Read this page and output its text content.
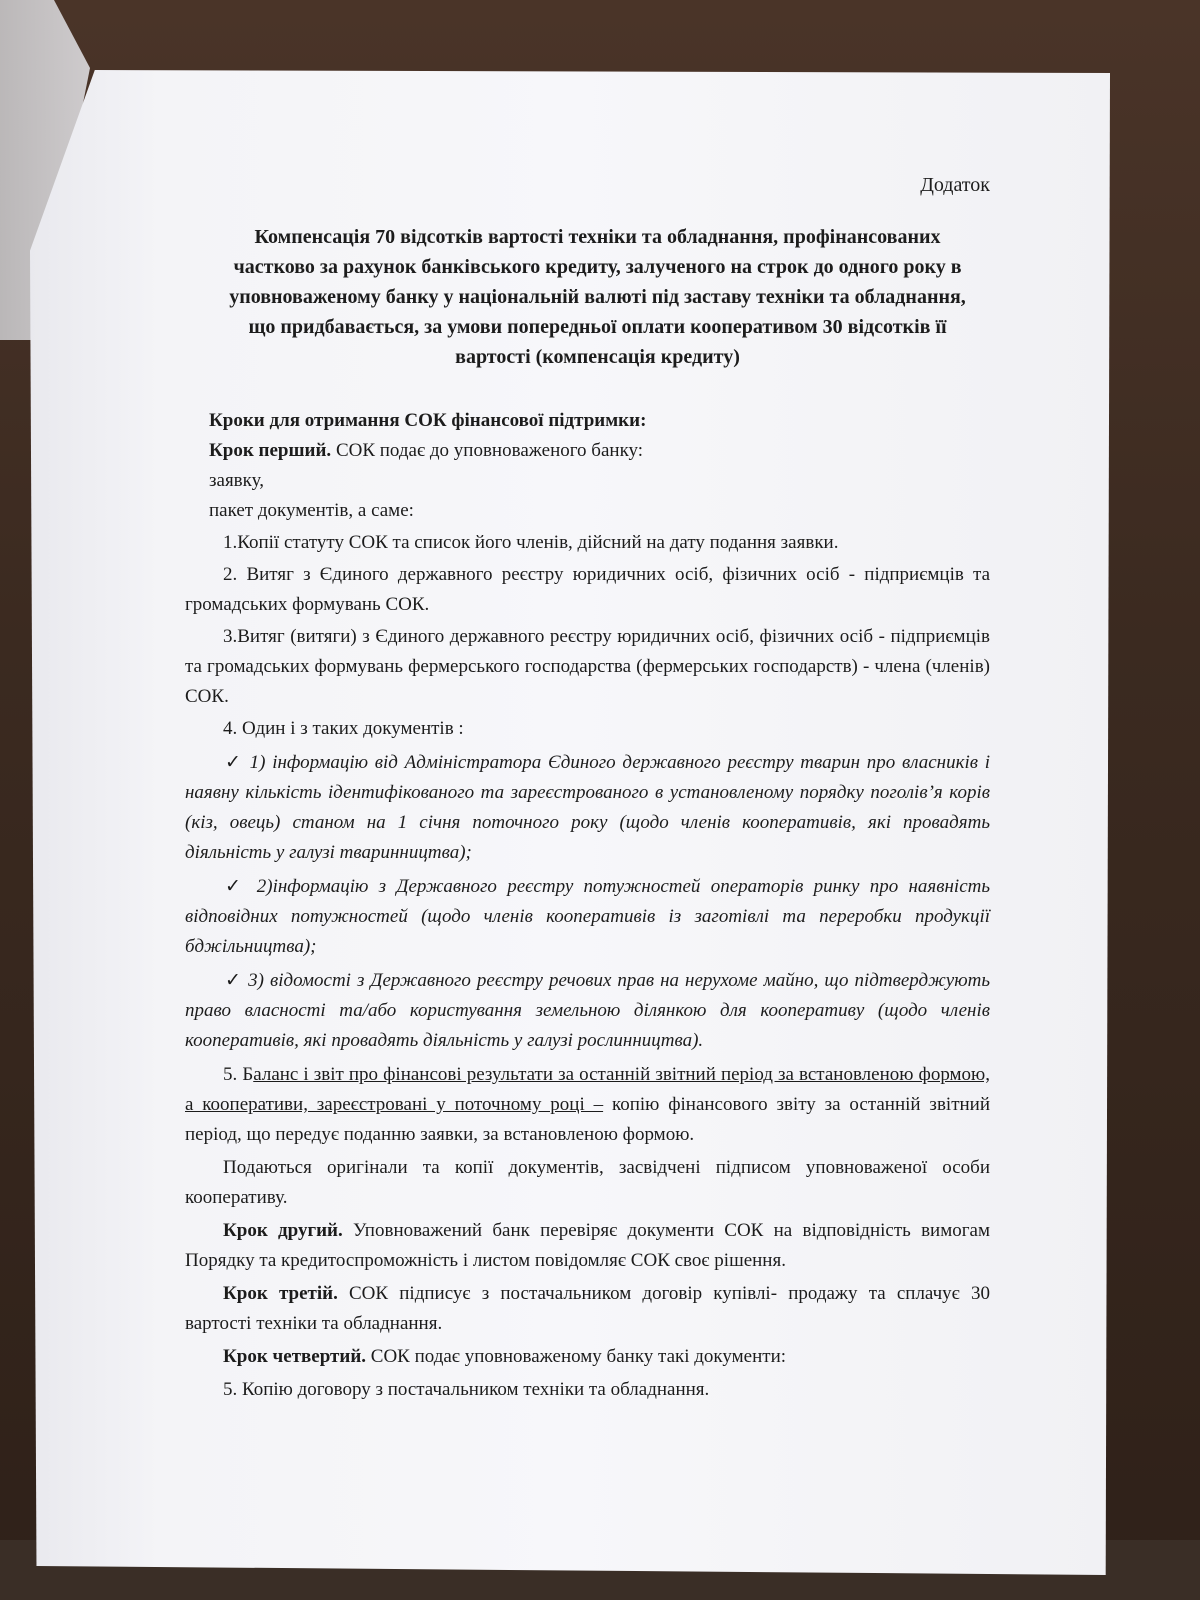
Додаток
Компенсація 70 відсотків вартості техніки та обладнання, профінансованих частково за рахунок банківського кредиту, залученого на строк до одного року в уповноваженому банку у національній валюті під заставу техніки та обладнання, що придбавається, за умови попередньої оплати кооперативом 30 відсотків її вартості (компенсація кредиту)
Кроки для отримання СОК фінансової підтримки:
Крок перший. СОК подає до уповноваженого банку:
заявку,
пакет документів, а саме:

1.Копії статуту СОК та список його членів, дійсний на дату подання заявки.

2. Витяг з Єдиного державного реєстру юридичних осіб, фізичних осіб - підприємців та громадських формувань СОК.

3.Витяг (витяги) з Єдиного державного реєстру юридичних осіб, фізичних осіб - підприємців та громадських формувань фермерського господарства (фермерських господарств) - члена (членів) СОК.

4. Один і з таких документів :

✓ 1) інформацію від Адміністратора Єдиного державного реєстру тварин про власників і наявну кількість ідентифікованого та зареєстрованого в установленому порядку поголів’я корів (кіз, овець) станом на 1 січня поточного року (щодо членів кооперативів, які провадять діяльність у галузі тваринництва);

✓ 2)інформацію з Державного реєстру потужностей операторів ринку про наявність відповідних потужностей (щодо членів кооперативів із заготівлі та переробки продукції бджільництва);

✓ 3) відомості з Державного реєстру речових прав на нерухоме майно, що підтверджують право власності та/або користування земельною ділянкою для кооперативу (щодо членів кооперативів, які провадять діяльність у галузі рослинництва).

5. Баланс і звіт про фінансові результати за останній звітний період за встановленою формою, а кооперативи, зареєстровані у поточному році – копію фінансового звіту за останній звітний період, що передує поданню заявки, за встановленою формою.

Подаються оригінали та копії документів, засвідчені підписом уповноваженої особи кооперативу.

Крок другий. Уповноважений банк перевіряє документи СОК на відповідність вимогам Порядку та кредитоспроможність і листом повідомляє СОК своє рішення.

Крок третій. СОК підписує з постачальником договір купівлі- продажу та сплачує 30 вартості техніки та обладнання.

Крок четвертий. СОК подає уповноваженому банку такі документи:

5. Копію договору з постачальником техніки та обладнання.
